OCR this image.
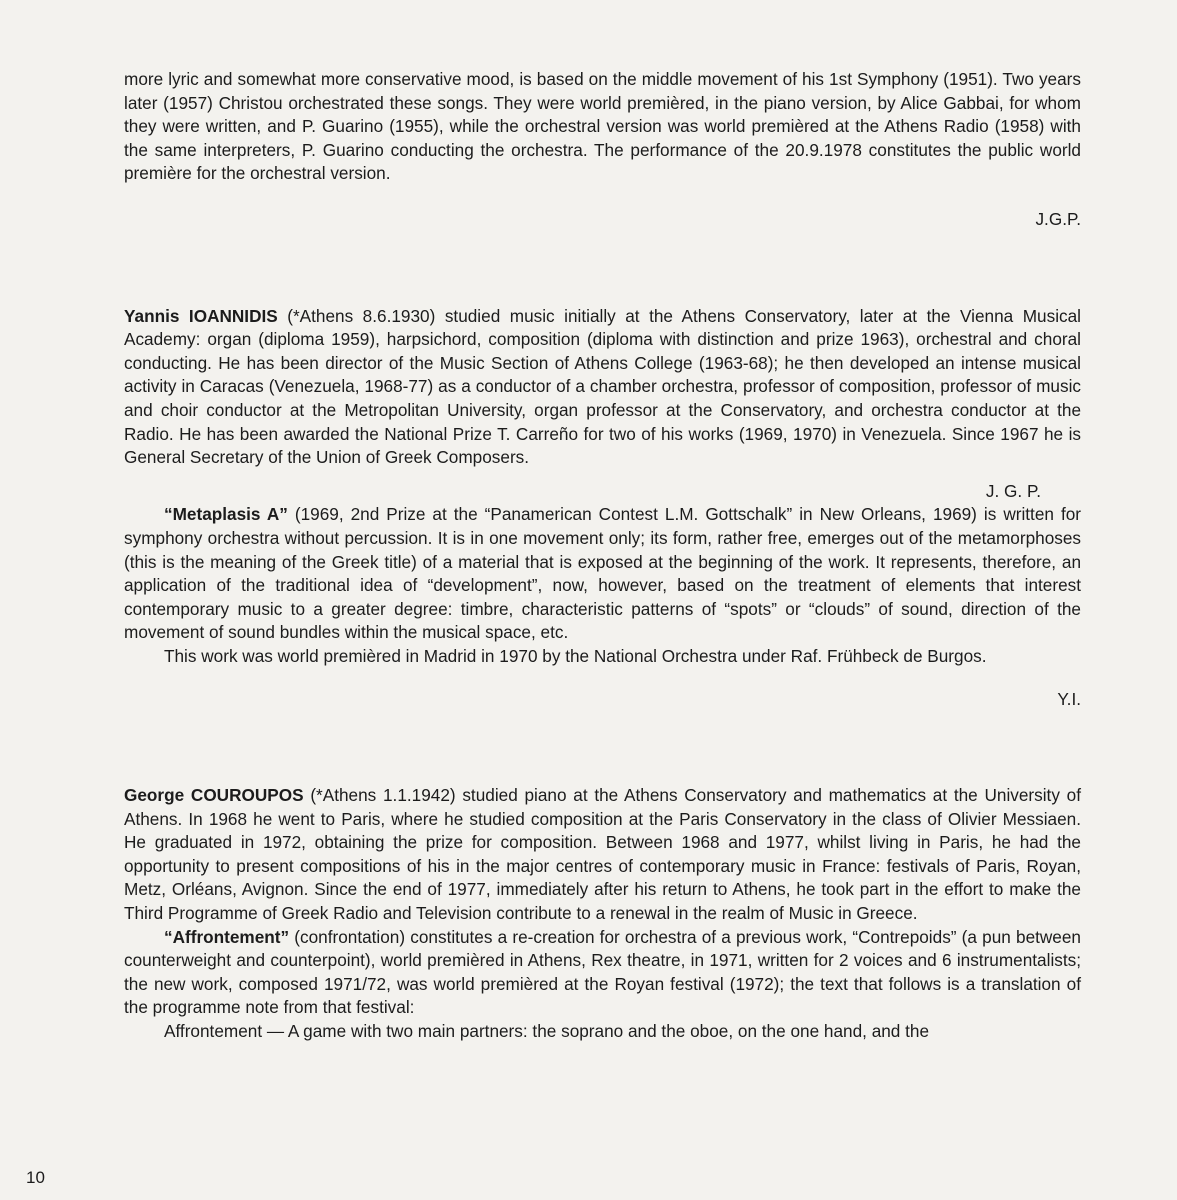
more lyric and somewhat more conservative mood, is based on the middle movement of his 1st Symphony (1951). Two years later (1957) Christou orchestrated these songs. They were world premièred, in the piano version, by Alice Gabbai, for whom they were written, and P. Guarino (1955), while the orchestral version was world premièred at the Athens Radio (1958) with the same interpreters, P. Guarino conducting the orchestra. The performance of the 20.9.1978 constitutes the public world première for the orchestral version.

J.G.P.

Yannis IOANNIDIS (*Athens 8.6.1930) studied music initially at the Athens Conservatory, later at the Vienna Musical Academy: organ (diploma 1959), harpsichord, composition (diploma with distinction and prize 1963), orchestral and choral conducting. He has been director of the Music Section of Athens College (1963-68); he then developed an intense musical activity in Caracas (Venezuela, 1968-77) as a conductor of a chamber orchestra, professor of composition, professor of music and choir conductor at the Metropolitan University, organ professor at the Conservatory, and orchestra conductor at the Radio. He has been awarded the National Prize T. Carreño for two of his works (1969, 1970) in Venezuela. Since 1967 he is General Secretary of the Union of Greek Composers.

J. G. P.

“Metaplasis A” (1969, 2nd Prize at the “Panamerican Contest L.M. Gottschalk” in New Orleans, 1969) is written for symphony orchestra without percussion. It is in one movement only; its form, rather free, emerges out of the metamorphoses (this is the meaning of the Greek title) of a material that is exposed at the beginning of the work. It represents, therefore, an application of the traditional idea of “development”, now, however, based on the treatment of elements that interest contemporary music to a greater degree: timbre, characteristic patterns of “spots” or “clouds” of sound, direction of the movement of sound bundles within the musical space, etc.

This work was world premièred in Madrid in 1970 by the National Orchestra under Raf. Frühbeck de Burgos.

Y.I.

George COUROUPOS (*Athens 1.1.1942) studied piano at the Athens Conservatory and mathematics at the University of Athens. In 1968 he went to Paris, where he studied composition at the Paris Conservatory in the class of Olivier Messiaen. He graduated in 1972, obtaining the prize for composition. Between 1968 and 1977, whilst living in Paris, he had the opportunity to present compositions of his in the major centres of contemporary music in France: festivals of Paris, Royan, Metz, Orléans, Avignon. Since the end of 1977, immediately after his return to Athens, he took part in the effort to make the Third Programme of Greek Radio and Television contribute to a renewal in the realm of Music in Greece.

“Affrontement” (confrontation) constitutes a re-creation for orchestra of a previous work, “Contrepoids” (a pun between counterweight and counterpoint), world premièred in Athens, Rex theatre, in 1971, written for 2 voices and 6 instrumentalists; the new work, composed 1971/72, was world premièred at the Royan festival (1972); the text that follows is a translation of the programme note from that festival:

Affrontement — A game with two main partners: the soprano and the oboe, on the one hand, and the

10
